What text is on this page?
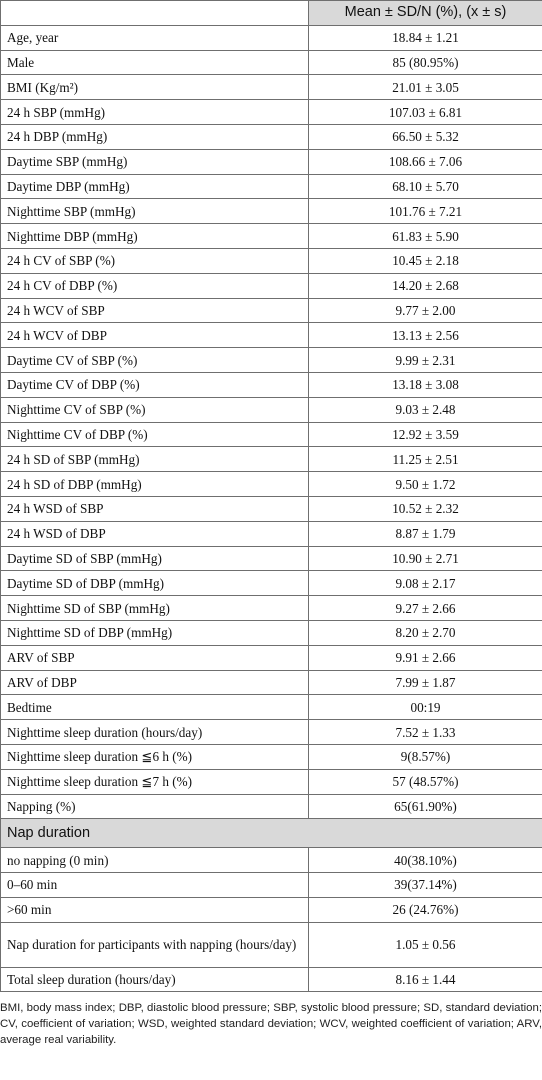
	Mean ± SD/N (%), (x ± s)
Age, year	18.84 ± 1.21
Male	85 (80.95%)
BMI (Kg/m²)	21.01 ± 3.05
24 h SBP (mmHg)	107.03 ± 6.81
24 h DBP (mmHg)	66.50 ± 5.32
Daytime SBP (mmHg)	108.66 ± 7.06
Daytime DBP (mmHg)	68.10 ± 5.70
Nighttime SBP (mmHg)	101.76 ± 7.21
Nighttime DBP (mmHg)	61.83 ± 5.90
24 h CV of SBP (%)	10.45 ± 2.18
24 h CV of DBP (%)	14.20 ± 2.68
24 h WCV of SBP	9.77 ± 2.00
24 h WCV of DBP	13.13 ± 2.56
Daytime CV of SBP (%)	9.99 ± 2.31
Daytime CV of DBP (%)	13.18 ± 3.08
Nighttime CV of SBP (%)	9.03 ± 2.48
Nighttime CV of DBP (%)	12.92 ± 3.59
24 h SD of SBP (mmHg)	11.25 ± 2.51
24 h SD of DBP (mmHg)	9.50 ± 1.72
24 h WSD of SBP	10.52 ± 2.32
24 h WSD of DBP	8.87 ± 1.79
Daytime SD of SBP (mmHg)	10.90 ± 2.71
Daytime SD of DBP (mmHg)	9.08 ± 2.17
Nighttime SD of SBP (mmHg)	9.27 ± 2.66
Nighttime SD of DBP (mmHg)	8.20 ± 2.70
ARV of SBP	9.91 ± 2.66
ARV of DBP	7.99 ± 1.87
Bedtime	00:19
Nighttime sleep duration (hours/day)	7.52 ± 1.33
Nighttime sleep duration ≦6 h (%)	9(8.57%)
Nighttime sleep duration ≦7 h (%)	57 (48.57%)
Napping (%)	65(61.90%)
Nap duration	
no napping (0 min)	40(38.10%)
0–60 min	39(37.14%)
>60 min	26 (24.76%)
Nap duration for participants with napping (hours/day)	1.05 ± 0.56
Total sleep duration (hours/day)	8.16 ± 1.44
BMI, body mass index; DBP, diastolic blood pressure; SBP, systolic blood pressure; SD, standard deviation; CV, coefficient of variation; WSD, weighted standard deviation; WCV, weighted coefficient of variation; ARV, average real variability.
